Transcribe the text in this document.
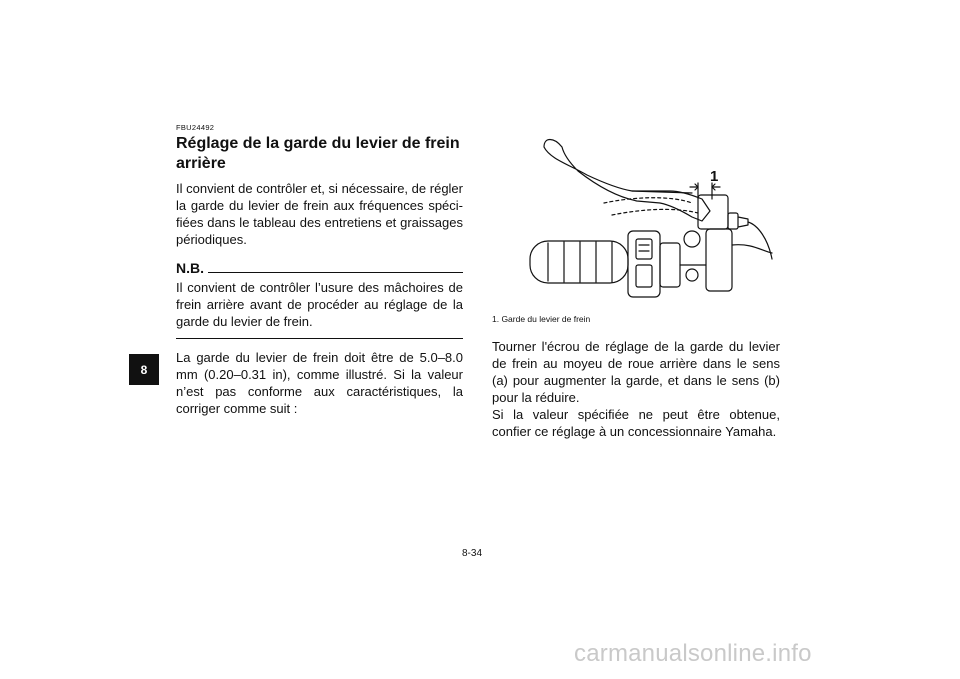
8
FBU24492
Réglage de la garde du levier de frein arrière

Il convient de contrôler et, si nécessaire, de régler la garde du levier de frein aux fréquences spéci-fiées dans le tableau des entretiens et graissages périodiques.

N.B.

Il convient de contrôler l’usure des mâchoires de frein arrière avant de procéder au réglage de la garde du levier de frein.

La garde du levier de frein doit être de 5.0–8.0 mm (0.20–0.31 in), comme illustré. Si la valeur n’est pas conforme aux caractéristiques, la corriger comme suit :

1
1. Garde du levier de frein

Tourner l'écrou de réglage de la garde du levier de frein au moyeu de roue arrière dans le sens (a) pour augmenter la garde, et dans le sens (b) pour la réduire.

Si la valeur spécifiée ne peut être obtenue, confier ce réglage à un concessionnaire Yamaha.

8-34
carmanualsonline.info
